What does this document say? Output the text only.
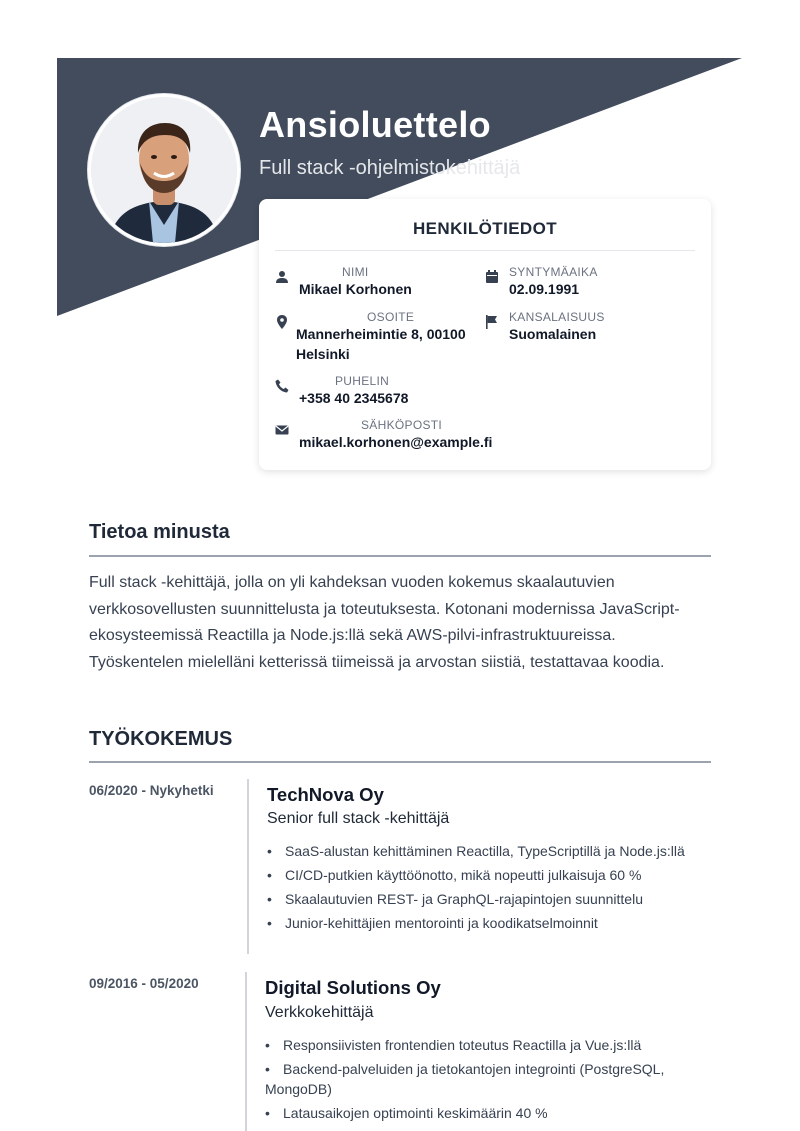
Ansioluettelo
Full stack -ohjelmistokehittäjä
HENKILÖTIEDOT
NIMI
Mikael Korhonen
SYNTYMÄAIKA
02.09.1991
OSOITE
Mannerheimintie 8, 00100
Helsinki
KANSALAISUUS
Suomalainen
PUHELIN
+358 40 2345678
SÄHKÖPOSTI
mikael.korhonen@example.fi
Tietoa minusta
Full stack -kehittäjä, jolla on yli kahdeksan vuoden kokemus skaalautuvien verkkosovellusten suunnittelusta ja toteutuksesta. Kotonani modernissa JavaScript-ekosysteemissä Reactilla ja Node.js:llä sekä AWS-pilvi-infrastruktuureissa. Työskentelen mielelläni ketterissä tiimeissä ja arvostan siistiä, testattavaa koodia.
TYÖKOKEMUS
06/2020 - Nykyhetki	TechNova Oy
Senior full stack -kehittäjä
• SaaS-alustan kehittäminen Reactilla, TypeScriptillä ja Node.js:llä
• CI/CD-putkien käyttöönotto, mikä nopeutti julkaisuja 60 %
• Skaalautuvien REST- ja GraphQL-rajapintojen suunnittelu
• Junior-kehittäjien mentorointi ja koodikatselmoinnit
09/2016 - 05/2020	Digital Solutions Oy
Verkkokehittäjä
• Responsiivisten frontendien toteutus Reactilla ja Vue.js:llä
• Backend-palveluiden ja tietokantojen integrointi (PostgreSQL, MongoDB)
• Latausaikojen optimointi keskimäärin 40 %
